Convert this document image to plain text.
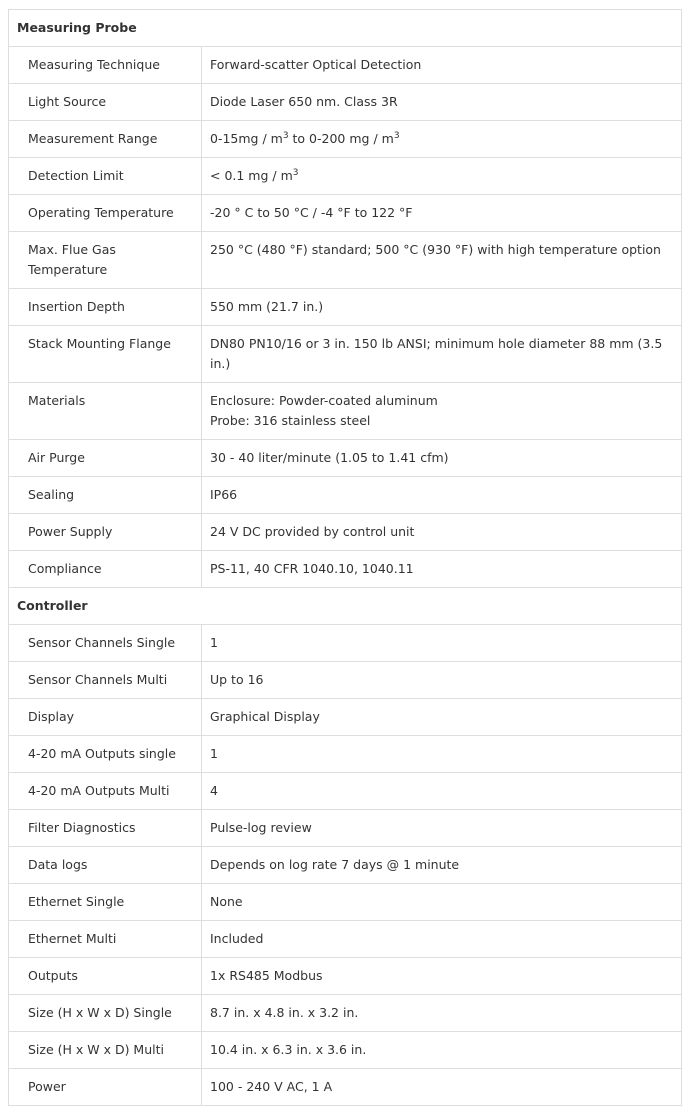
Measuring Probe	
Measuring Technique	Forward-scatter Optical Detection
Light Source	Diode Laser 650 nm. Class 3R
Measurement Range	$0-15mg / m^3$ to 0-200 mg / $m^3$
Detection Limit	< 0.1 mg / $m^3$
Operating Temperature	-20 ° C to 50 °C / -4 °F to 122 °F
Max. Flue Gas Temperature	250 °C (480 °F) standard; 500 °C (930 °F) with high temperature option
Insertion Depth	550 mm (21.7 in.)
Stack Mounting Flange	DN80 PN10/16 or 3 in. 150 lb ANSI; minimum hole diameter 88 mm (3.5 in.)
Materials	Enclosure: Powder-coated aluminum
Probe: 316 stainless steel

Air Purge	30 - 40 liter/minute (1.05 to 1.41 cfm)
Sealing	IP66
Power Supply	24 V DC provided by control unit
Compliance	PS-11, 40 CFR 1040.10, 1040.11
Controller	
Sensor Channels Single	1
Sensor Channels Multi	Up to 16
Display	Graphical Display
4-20 mA Outputs single	1
4-20 mA Outputs Multi	4
Filter Diagnostics	Pulse-log review
Data logs	Depends on log rate 7 days @ 1 minute
Ethernet Single	None
Ethernet Multi	Included
Outputs	1x RS485 Modbus
Size (H x W x D) Single	8.7 in. x 4.8 in. x 3.2 in.
Size (H x W x D) Multi	10.4 in. x 6.3 in. x 3.6 in.
Power	100 - 240 V AC, 1 A
